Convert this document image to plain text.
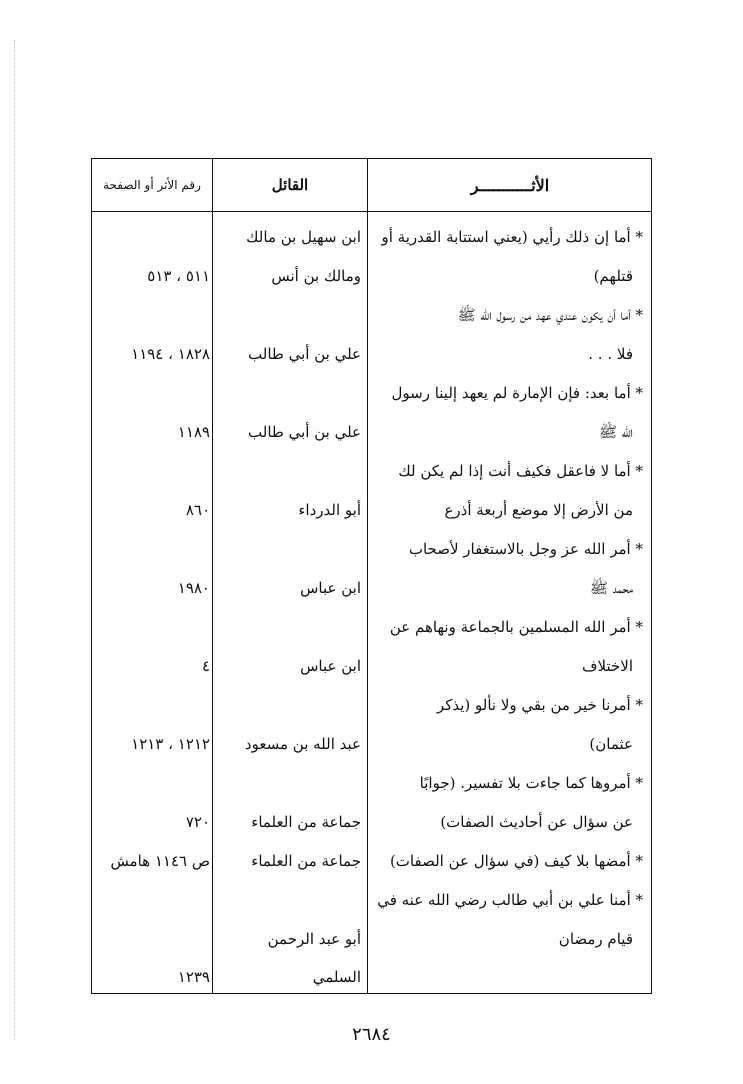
رقم الأثر أو الصفحة	القائل	الأثـــــــــــر
* أما إن ذلك رأيي (يعني استتابة القدرية أو
قتلهم)
ابن سهيل بن مالك
ومالك بن أنس
٥١١ ، ٥١٣
* أما أن يكون عندي عهد من رسول الله ﷺ
فلا . . .
علي بن أبي طالب
١٨٢٨ ، ١١٩٤
* أما بعد: فإن الإمارة لم يعهد إلينا رسول
الله ﷺ
علي بن أبي طالب
١١٨٩
* أما لا فاعقل فكيف أنت إذا لم يكن لك
من الأرض إلا موضع أربعة أذرع
أبو الدرداء
٨٦٠
* أمر الله عز وجل بالاستغفار لأصحاب
محمد ﷺ
ابن عباس
١٩٨٠
* أمر الله المسلمين بالجماعة ونهاهم عن
الاختلاف
ابن عباس
٤
* أمرنا خير من بقي ولا نألو (يذكر
عثمان)
عبد الله بن مسعود
١٢١٢ ، ١٢١٣
* أمروها كما جاءت بلا تفسير. (جوابًا
عن سؤال عن أحاديث الصفات)
جماعة من العلماء
٧٢٠
* أمضها بلا كيف (في سؤال عن الصفات)
جماعة من العلماء
ص ١١٤٦ هامش
* أمنا علي بن أبي طالب رضي الله عنه في
قيام رمضان
أبو عبد الرحمن
السلمي
١٢٣٩
٢٦٨٤
